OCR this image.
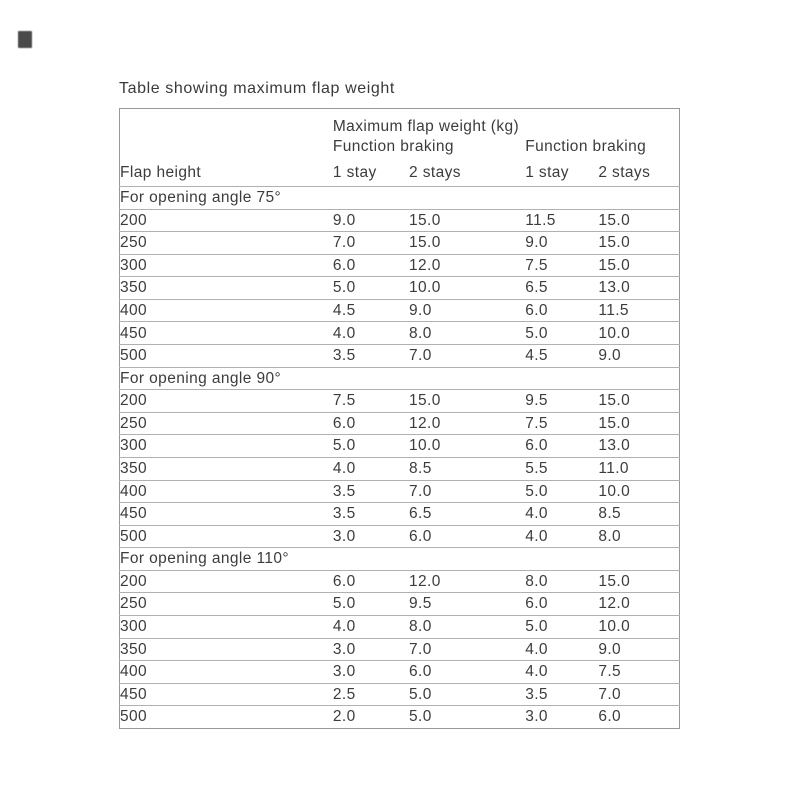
Table showing maximum flap weight
	Maximum flap weight (kg)			
	Function braking		Function braking	
Flap height	1 stay	2 stays	1 stay	2 stays
For opening angle 75°				
200	9.0	15.0	11.5	15.0
250	7.0	15.0	9.0	15.0
300	6.0	12.0	7.5	15.0
350	5.0	10.0	6.5	13.0
400	4.5	9.0	6.0	11.5
450	4.0	8.0	5.0	10.0
500	3.5	7.0	4.5	9.0
For opening angle 90°				
200	7.5	15.0	9.5	15.0
250	6.0	12.0	7.5	15.0
300	5.0	10.0	6.0	13.0
350	4.0	8.5	5.5	11.0
400	3.5	7.0	5.0	10.0
450	3.5	6.5	4.0	8.5
500	3.0	6.0	4.0	8.0
For opening angle 110°				
200	6.0	12.0	8.0	15.0
250	5.0	9.5	6.0	12.0
300	4.0	8.0	5.0	10.0
350	3.0	7.0	4.0	9.0
400	3.0	6.0	4.0	7.5
450	2.5	5.0	3.5	7.0
500	2.0	5.0	3.0	6.0
